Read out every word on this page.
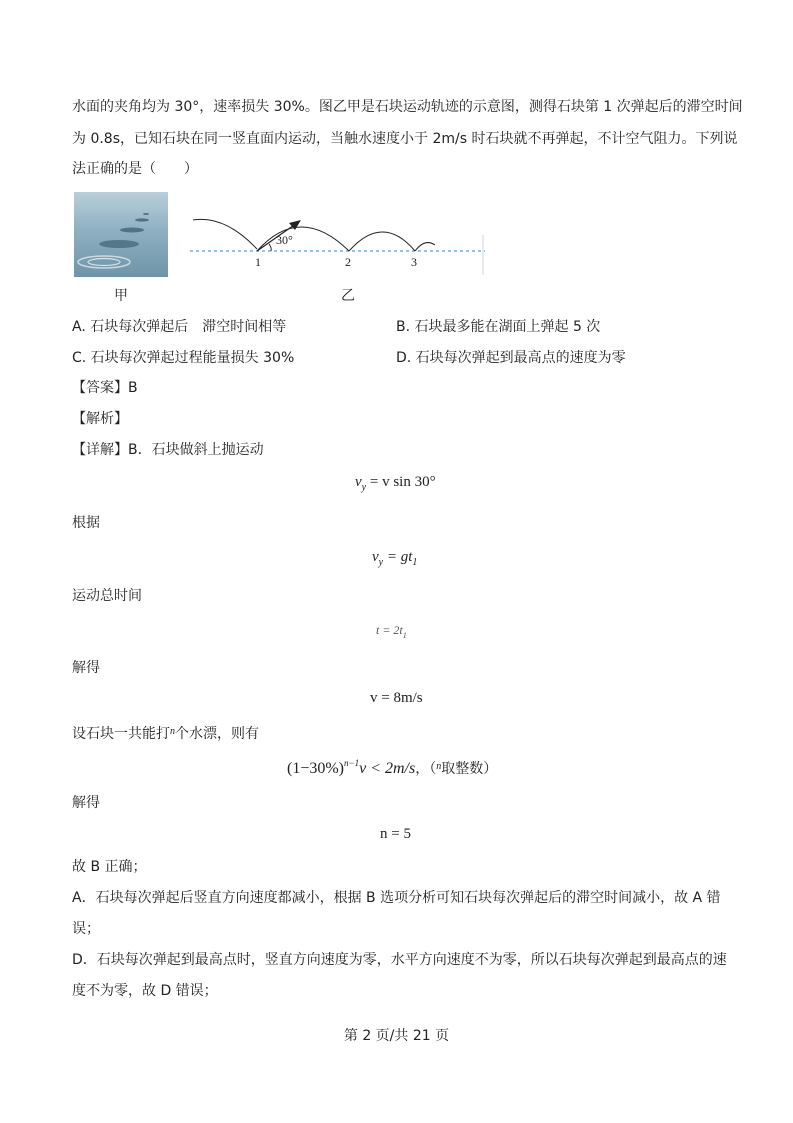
水面的夹角均为 30°，速率损失 30%。图乙甲是石块运动轨迹的示意图，测得石块第 1 次弹起后的滞空时间
为 0.8s，已知石块在同一竖直面内运动，当触水速度小于 2m/s 时石块就不再弹起，不计空气阻力。下列说
法正确的是（　　）
甲
30°
1	2	3
乙
A. 石块每次弹起后　滞空时间相等	B. 石块最多能在湖面上弹起 5 次
C. 石块每次弹起过程能量损失 30%	D. 石块每次弹起到最高点的速度为零
【答案】B
【解析】
【详解】B．石块做斜上抛运动
$v_y = v$ sin 30°
根据
$v_y = gt_1$
运动总时间
$t = 2t_1$
解得
v = 8m/s
设石块一共能打$^n$个水漂，则有
$(1-30\%)^{n-1}v < 2m/s$，（$^n$取整数）
解得
n = 5
故 B 正确；
A．石块每次弹起后竖直方向速度都减小，根据 B 选项分析可知石块每次弹起后的滞空时间减小，故 A 错
误；
D．石块每次弹起到最高点时，竖直方向速度为零，水平方向速度不为零，所以石块每次弹起到最高点的速
度不为零，故 D 错误；
第 2 页/共 21 页
